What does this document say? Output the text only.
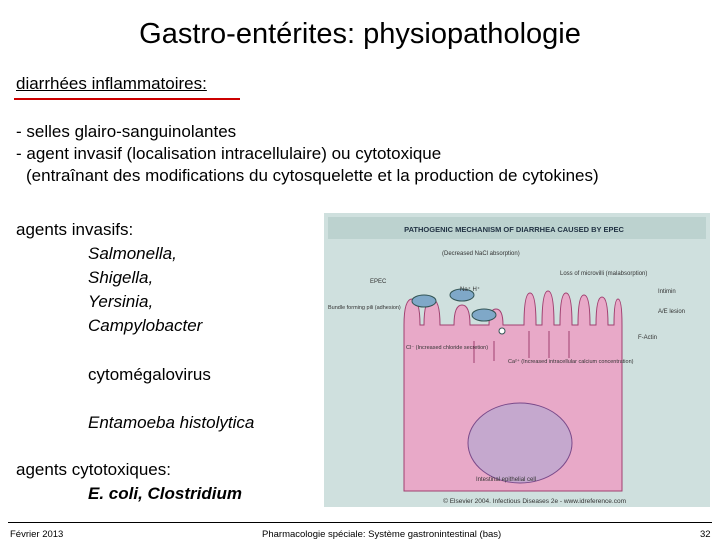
Gastro-entérites: physiopathologie
diarrhées inflammatoires:
- selles glairo-sanguinolantes
- agent invasif (localisation intracellulaire) ou cytotoxique
(entraînant des modifications du cytosquelette et la production de cytokines)
agents invasifs:
Salmonella,
Shigella,
Yersinia,
Campylobacter
cytomégalovirus
Entamoeba histolytica
agents cytotoxiques:
E. coli, Clostridium
PATHOGENIC MECHANISM OF DIARRHEA CAUSED BY EPEC
(Decreased NaCl absorption)
EPEC
Na⁺ H⁺
Bundle forming pili (adhesion)
Loss of microvilli (malabsorption)
Intimin
A/E lesion
F-Actin
Cl⁻ (Increased chloride secretion)
Ca²⁺ (Increased intracellular calcium concentration)
Intestinal epithelial cell
© Elsevier 2004. Infectious Diseases 2e - www.idreference.com
Février 2013	Pharmacologie spéciale: Système gastronintestinal (bas)	32
